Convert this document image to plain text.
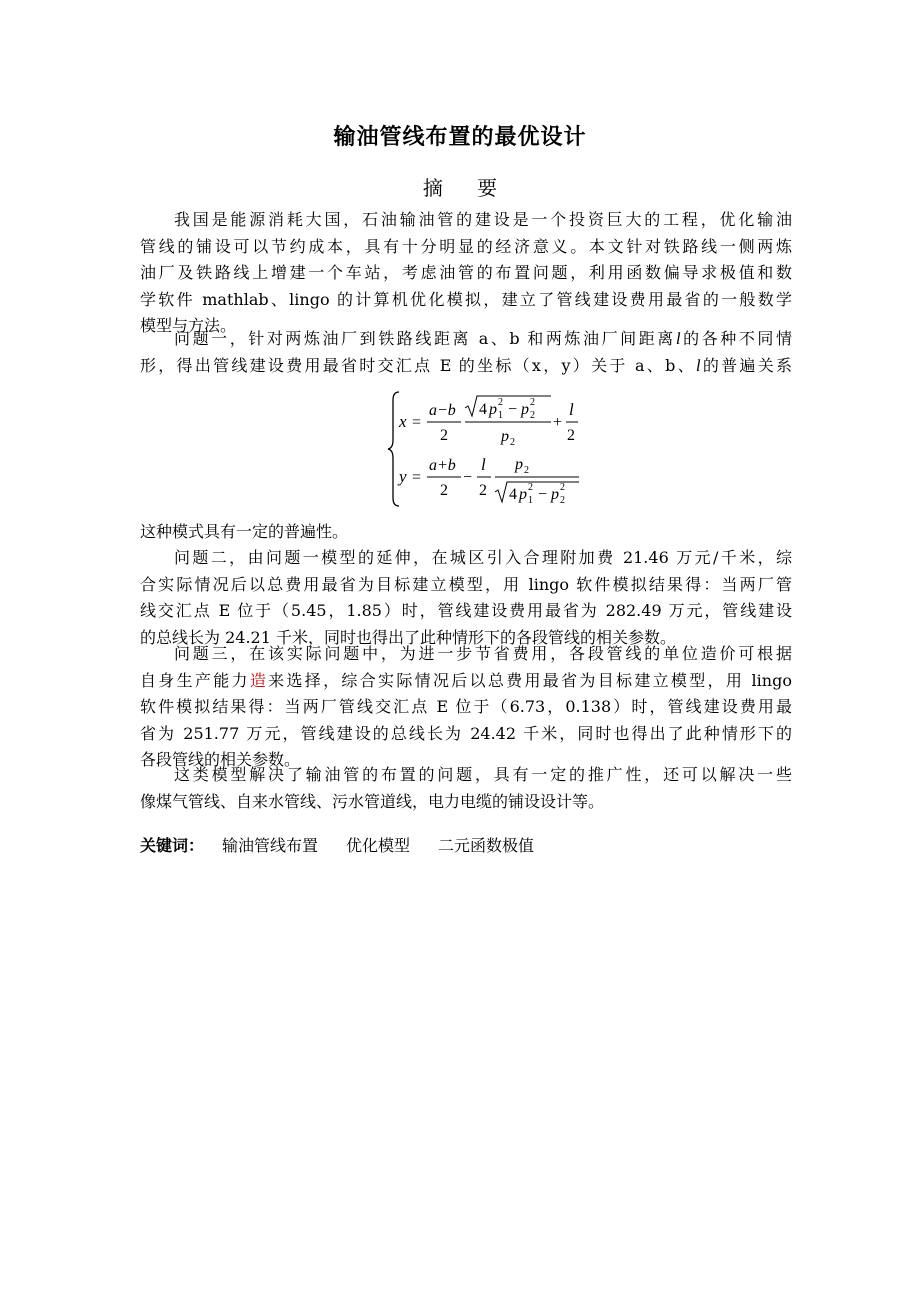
输油管线布置的最优设计
摘 要
我国是能源消耗大国，石油输油管的建设是一个投资巨大的工程，优化输油
管线的铺设可以节约成本，具有十分明显的经济意义。本文针对铁路线一侧两炼
油厂及铁路线上增建一个车站，考虑油管的布置问题，利用函数偏导求极值和数
学软件 mathlab、lingo 的计算机优化模拟，建立了管线建设费用最省的一般数学
模型与方法。
问题一，针对两炼油厂到铁路线距离 a、b 和两炼油厂间距离l的各种不同情
形，得出管线建设费用最省时交汇点 E 的坐标（x，y）关于 a、b、l的普遍关系
x =
a−b
2
4 p 2
1 − p 2
2
p 2
+
l
2
y =
a+b
2
−
l
2
p 2
4 p 2
1 − p 2
2
这种模式具有一定的普遍性。
问题二，由问题一模型的延伸，在城区引入合理附加费 21.46 万元/千米，综
合实际情况后以总费用最省为目标建立模型，用 lingo 软件模拟结果得：当两厂管
线交汇点 E 位于（5.45，1.85）时，管线建设费用最省为 282.49 万元，管线建设
的总线长为 24.21 千米，同时也得出了此种情形下的各段管线的相关参数。
问题三，在该实际问题中，为进一步节省费用，各段管线的单位造价可根据
自身生产能力造来选择，综合实际情况后以总费用最省为目标建立模型，用 lingo
软件模拟结果得：当两厂管线交汇点 E 位于（6.73，0.138）时，管线建设费用最
省为 251.77 万元，管线建设的总线长为 24.42 千米，同时也得出了此种情形下的
各段管线的相关参数。
这类模型解决了输油管的布置的问题，具有一定的推广性，还可以解决一些
像煤气管线、自来水管线、污水管道线，电力电缆的铺设设计等。
关键词： 输油管线布置 优化模型 二元函数极值
